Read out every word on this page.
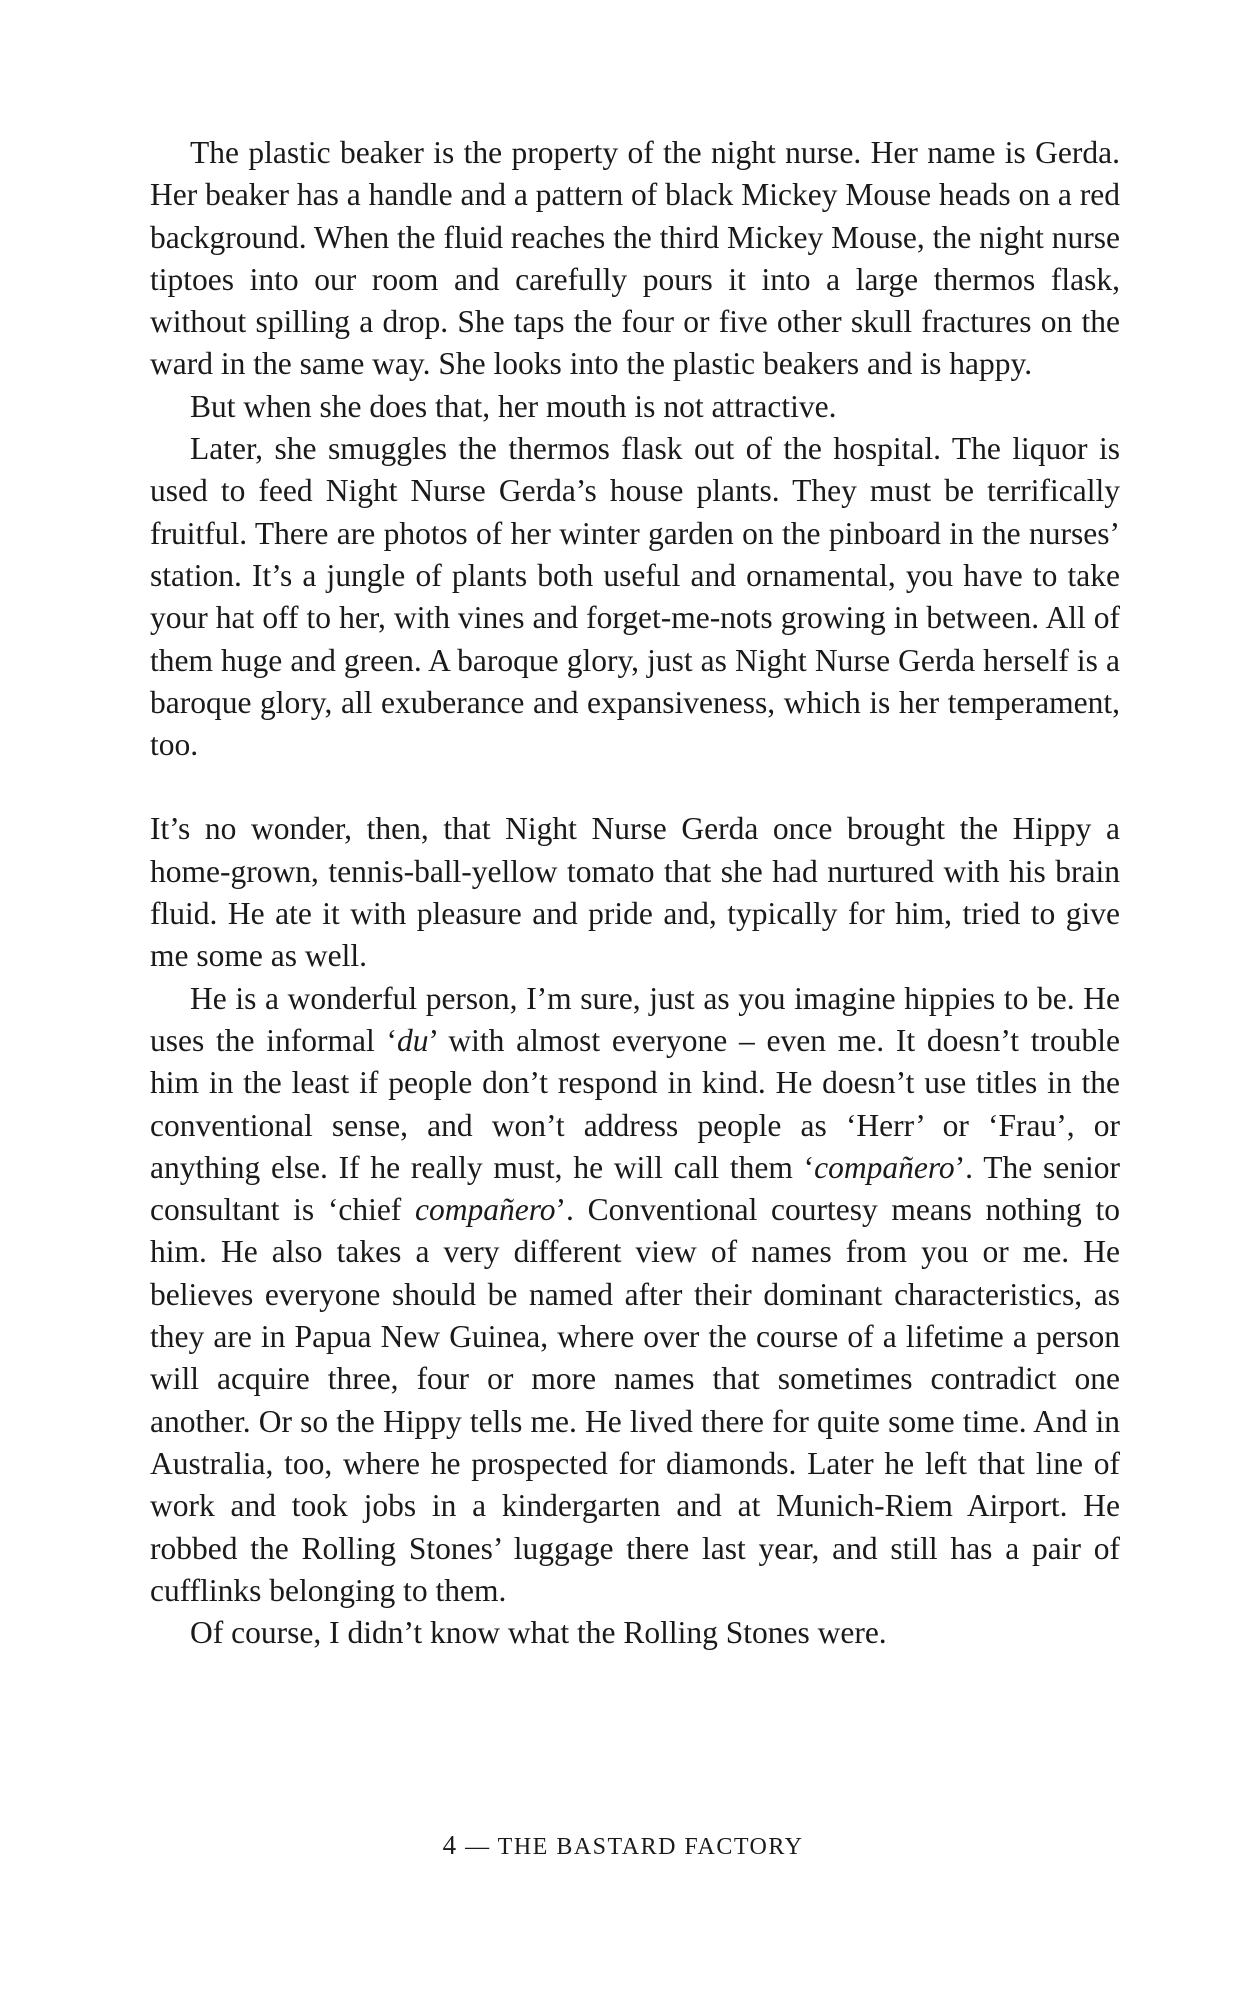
The plastic beaker is the property of the night nurse. Her name is Gerda. Her beaker has a handle and a pattern of black Mickey Mouse heads on a red background. When the fluid reaches the third Mickey Mouse, the night nurse tiptoes into our room and carefully pours it into a large thermos flask, without spilling a drop. She taps the four or five other skull fractures on the ward in the same way. She looks into the plastic beakers and is happy.

But when she does that, her mouth is not attractive.

Later, she smuggles the thermos flask out of the hospital. The liquor is used to feed Night Nurse Gerda’s house plants. They must be terrifically fruitful. There are photos of her winter garden on the pinboard in the nurses’ station. It’s a jungle of plants both useful and ornamental, you have to take your hat off to her, with vines and forget-me-nots growing in between. All of them huge and green. A baroque glory, just as Night Nurse Gerda herself is a baroque glory, all exuberance and expansiveness, which is her temperament, too.

It’s no wonder, then, that Night Nurse Gerda once brought the Hippy a home-grown, tennis-ball-yellow tomato that she had nurtured with his brain fluid. He ate it with pleasure and pride and, typically for him, tried to give me some as well.

He is a wonderful person, I’m sure, just as you imagine hippies to be. He uses the informal ‘du’ with almost everyone – even me. It doesn’t trouble him in the least if people don’t respond in kind. He doesn’t use titles in the conventional sense, and won’t address people as ‘Herr’ or ‘Frau’, or anything else. If he really must, he will call them ‘compañero’. The senior consultant is ‘chief compañero’. Conventional courtesy means nothing to him. He also takes a very different view of names from you or me. He believes everyone should be named after their dominant characteristics, as they are in Papua New Guinea, where over the course of a lifetime a person will acquire three, four or more names that sometimes contradict one another. Or so the Hippy tells me. He lived there for quite some time. And in Australia, too, where he prospected for diamonds. Later he left that line of work and took jobs in a kindergarten and at Munich-Riem Airport. He robbed the Rolling Stones’ luggage there last year, and still has a pair of cufflinks belonging to them.

Of course, I didn’t know what the Rolling Stones were.

4 — THE BASTARD FACTORY
